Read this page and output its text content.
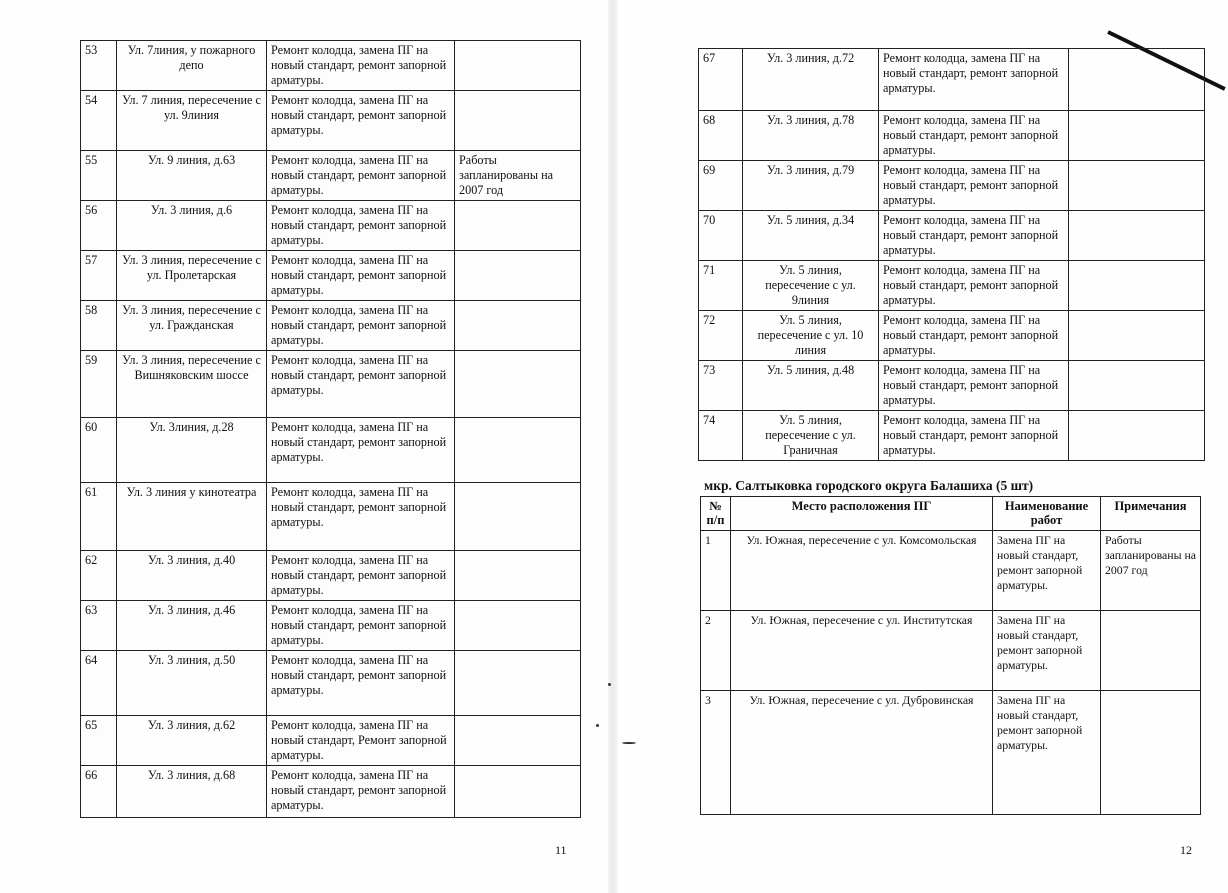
53	Ул. 7линия, у пожарного депо	Ремонт колодца, замена ПГ на новый стандарт, ремонт запорной арматуры.	
54	Ул. 7 линия, пересечение с ул. 9линия	Ремонт колодца, замена ПГ на новый стандарт, ремонт запорной арматуры.	
55	Ул. 9 линия, д.63	Ремонт колодца, замена ПГ на новый стандарт, ремонт запорной арматуры.	Работы запланированы на 2007 год
56	Ул. 3 линия, д.6	Ремонт колодца, замена ПГ на новый стандарт, ремонт запорной арматуры.	
57	Ул. 3 линия, пересечение с ул. Пролетарская	Ремонт колодца, замена ПГ на новый стандарт, ремонт запорной арматуры.	
58	Ул. 3 линия, пересечение с ул. Гражданская	Ремонт колодца, замена ПГ на новый стандарт, ремонт запорной арматуры.	
59	Ул. 3 линия, пересечение с Вишняковским шоссе	Ремонт колодца, замена ПГ на новый стандарт, ремонт запорной арматуры.	
60	Ул. 3линия, д.28	Ремонт колодца, замена ПГ на новый стандарт, ремонт запорной арматуры.	
61	Ул. 3 линия у кинотеатра	Ремонт колодца, замена ПГ на новый стандарт, ремонт запорной арматуры.	
62	Ул. 3 линия, д.40	Ремонт колодца, замена ПГ на новый стандарт, ремонт запорной арматуры.	
63	Ул. 3 линия, д.46	Ремонт колодца, замена ПГ на новый стандарт, ремонт запорной арматуры.	
64	Ул. 3 линия, д.50	Ремонт колодца, замена ПГ на новый стандарт, ремонт запорной арматуры.	
65	Ул. 3 линия, д.62	Ремонт колодца, замена ПГ на новый стандарт, Ремонт запорной арматуры.	
66	Ул. 3 линия, д.68	Ремонт колодца, замена ПГ на новый стандарт, ремонт запорной арматуры.	
67	Ул. 3 линия, д.72	Ремонт колодца, замена ПГ на новый стандарт, ремонт запорной арматуры.	
68	Ул. 3 линия, д.78	Ремонт колодца, замена ПГ на новый стандарт, ремонт запорной арматуры.	
69	Ул. 3 линия, д.79	Ремонт колодца, замена ПГ на новый стандарт, ремонт запорной арматуры.	
70	Ул. 5 линия, д.34	Ремонт колодца, замена ПГ на новый стандарт, ремонт запорной арматуры.	
71	Ул. 5 линия, пересечение с ул. 9линия	Ремонт колодца, замена ПГ на новый стандарт, ремонт запорной арматуры.	
72	Ул. 5 линия, пересечение с ул. 10 линия	Ремонт колодца, замена ПГ на новый стандарт, ремонт запорной арматуры.	
73	Ул. 5 линия, д.48	Ремонт колодца, замена ПГ на новый стандарт, ремонт запорной арматуры.	
74	Ул. 5 линия, пересечение с ул. Граничная	Ремонт колодца, замена ПГ на новый стандарт, ремонт запорной арматуры.	
мкр. Салтыковка городского округа Балашиха (5 шт)
№ п/п	Место расположения ПГ	Наименование работ	Примечания
1	Ул. Южная, пересечение с ул. Комсомольская	Замена ПГ на новый стандарт, ремонт запорной арматуры.	Работы запланированы на 2007 год
2	Ул. Южная, пересечение с ул. Институтская	Замена ПГ на новый стандарт, ремонт запорной арматуры.	
3	Ул. Южная, пересечение с ул. Дубровинская	Замена ПГ на новый стандарт, ремонт запорной арматуры.	
11	12
